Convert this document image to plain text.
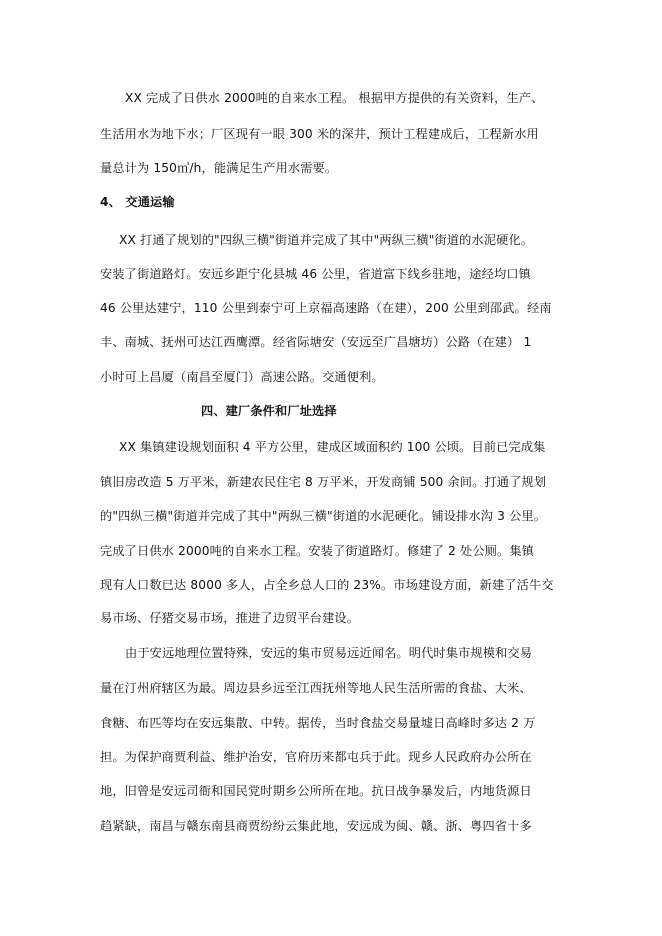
XX 完成了日供水 2000吨的自来水工程。 根据甲方提供的有关资料，生产、
生活用水为地下水；厂区现有一眼 300 米的深井，预计工程建成后，工程新水用
量总计为 150㎥/h，能满足生产用水需要。
4、 交通运输
XX 打通了规划的"四纵三横"街道并完成了其中"两纵三横"街道的水泥硬化。
安装了街道路灯。安远乡距宁化县城 46 公里，省道富下线乡驻地，途经均口镇
46 公里达建宁，110 公里到泰宁可上京福高速路（在建），200 公里到邵武。经南
丰、南城、抚州可达江西鹰潭。经省际塘安（安远至广昌塘坊）公路（在建） 1
小时可上昌厦（南昌至厦门）高速公路。交通便利。
四、建厂条件和厂址选择
XX 集镇建设规划面积 4 平方公里，建成区域面积约 100 公顷。目前已完成集
镇旧房改造 5 万平米，新建农民住宅 8 万平米，开发商铺 500 余间。打通了规划
的"四纵三横"街道并完成了其中"两纵三横"街道的水泥硬化。铺设排水沟 3 公里。
完成了日供水 2000吨的自来水工程。安装了街道路灯。修建了 2 处公厕。集镇
现有人口数已达 8000 多人，占全乡总人口的 23%。市场建设方面，新建了活牛交
易市场、仔猪交易市场，推进了边贸平台建设。
由于安远地理位置特殊，安远的集市贸易远近闻名。明代时集市规模和交易
量在汀州府辖区为最。周边县乡远至江西抚州等地人民生活所需的食盐、大米、
食糖、布匹等均在安远集散、中转。据传，当时食盐交易量墟日高峰时多达 2 万
担。为保护商贾利益、维护治安，官府历来都屯兵于此。现乡人民政府办公所在
地，旧曾是安远司衙和国民党时期乡公所所在地。抗日战争暴发后，内地货源日
趋紧缺，南昌与赣东南县商贾纷纷云集此地，安远成为闽、赣、浙、粤四省十多
